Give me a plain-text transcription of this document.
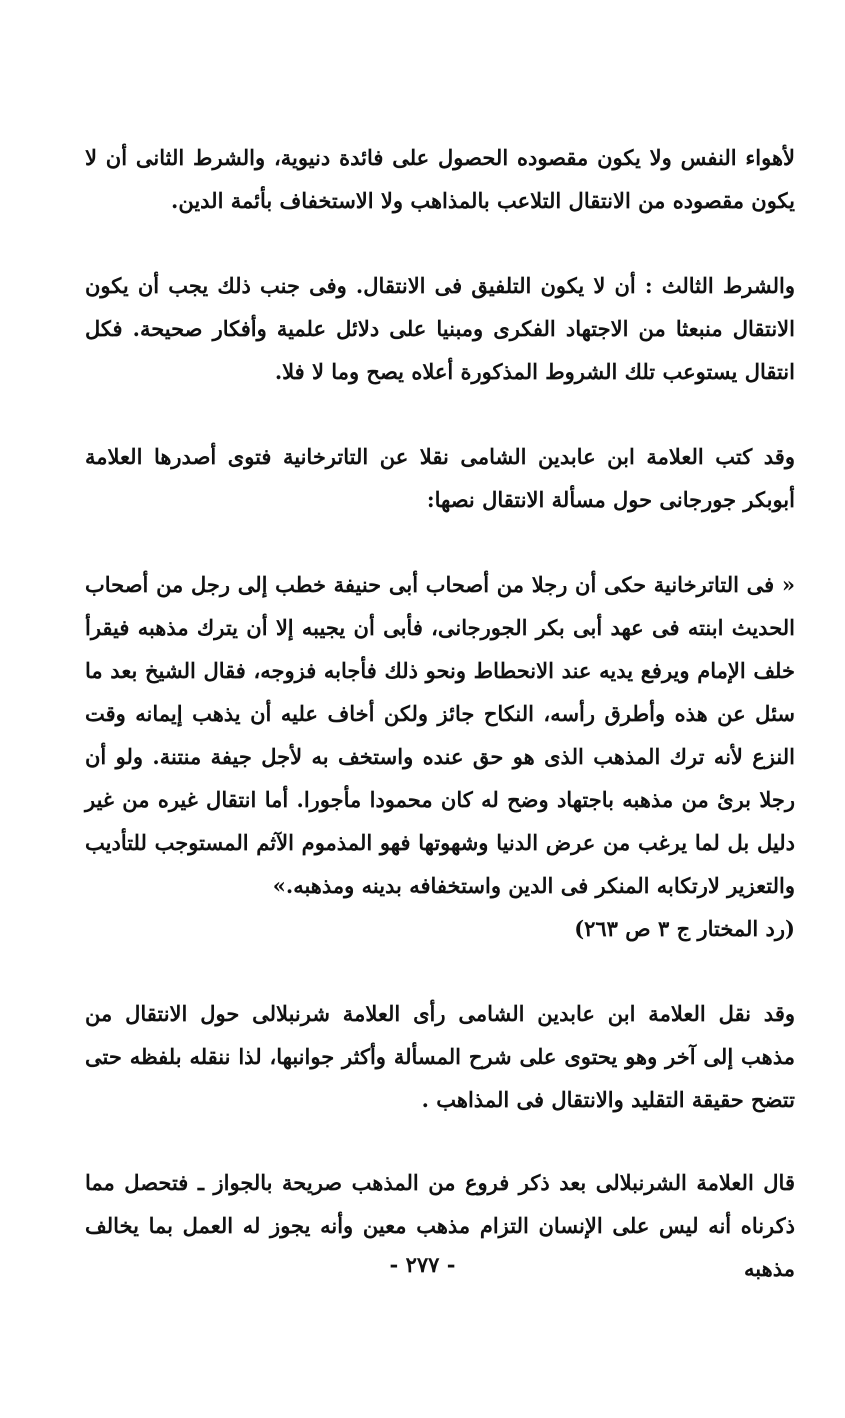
لأهواء النفس ولا يكون مقصوده الحصول على فائدة دنيوية، والشرط الثانى أن لا يكون مقصوده من الانتقال التلاعب بالمذاهب ولا الاستخفاف بأئمة الدين.

والشرط الثالث : أن لا يكون التلفيق فى الانتقال. وفى جنب ذلك يجب أن يكون الانتقال منبعثا من الاجتهاد الفكرى ومبنيا على دلائل علمية وأفكار صحيحة. فكل انتقال يستوعب تلك الشروط المذكورة أعلاه يصح وما لا فلا.

وقد كتب العلامة ابن عابدين الشامى نقلا عن التاترخانية فتوى أصدرها العلامة أبوبكر جورجانى حول مسألة الانتقال نصها:

« فى التاترخانية حكى أن رجلا من أصحاب أبى حنيفة خطب إلى رجل من أصحاب الحديث ابنته فى عهد أبى بكر الجورجانى، فأبى أن يجيبه إلا أن يترك مذهبه فيقرأ خلف الإمام ويرفع يديه عند الانحطاط ونحو ذلك فأجابه فزوجه، فقال الشيخ بعد ما سئل عن هذه وأطرق رأسه، النكاح جائز ولكن أخاف عليه أن يذهب إيمانه وقت النزع لأنه ترك المذهب الذى هو حق عنده واستخف به لأجل جيفة منتنة. ولو أن رجلا برئ من مذهبه باجتهاد وضح له كان محمودا مأجورا. أما انتقال غيره من غير دليل بل لما يرغب من عرض الدنيا وشهوتها فهو المذموم الآثم المستوجب للتأديب والتعزير لارتكابه المنكر فى الدين واستخفافه بدينه ومذهبه.»

(رد المختار ج ٣ ص ٢٦٣)

وقد نقل العلامة ابن عابدين الشامى رأى العلامة شرنبلالى حول الانتقال من مذهب إلى آخر وهو يحتوى على شرح المسألة وأكثر جوانبها، لذا ننقله بلفظه حتى تتضح حقيقة التقليد والانتقال فى المذاهب .

قال العلامة الشرنبلالى بعد ذكر فروع من المذهب صريحة بالجواز ـ فتحصل مما ذكرناه أنه ليس على الإنسان التزام مذهب معين وأنه يجوز له العمل بما يخالف مذهبه

- ٢٧٧ -
